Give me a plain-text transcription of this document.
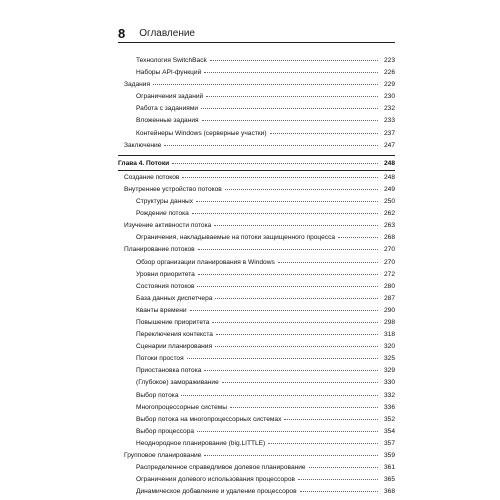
8 Оглавление
Технология SwitchBack	223
Наборы API-функций	226
Задания	229
Ограничения заданий	230
Работа с заданиями	232
Вложенные задания	233
Контейнеры Windows (серверные участки)	237
Заключение	247
Глава 4. Потоки	248
Создание потоков	248
Внутреннее устройство потоков	249
Структуры данных	250
Рождение потока	262
Изучение активности потока	263
Ограничения, накладываемые на потоки защищенного процесса	268
Планирование потоков	270
Обзор организации планирования в Windows	270
Уровни приоритета	272
Состояния потоков	280
База данных диспетчера	287
Кванты времени	290
Повышение приоритета	298
Переключения контекста	318
Сценарии планирования	320
Потоки простоя	325
Приостановка потока	329
(Глубокое) замораживание	330
Выбор потока	332
Многопроцессорные системы	336
Выбор потока на многопроцессорных системах	352
Выбор процессора	354
Неоднородное планирование (big.LITTLE)	357
Групповое планирование	359
Распределенное справедливое долевое планирование	361
Ограничения долевого использования процессоров	365
Динамическое добавление и удаление процессоров	368
